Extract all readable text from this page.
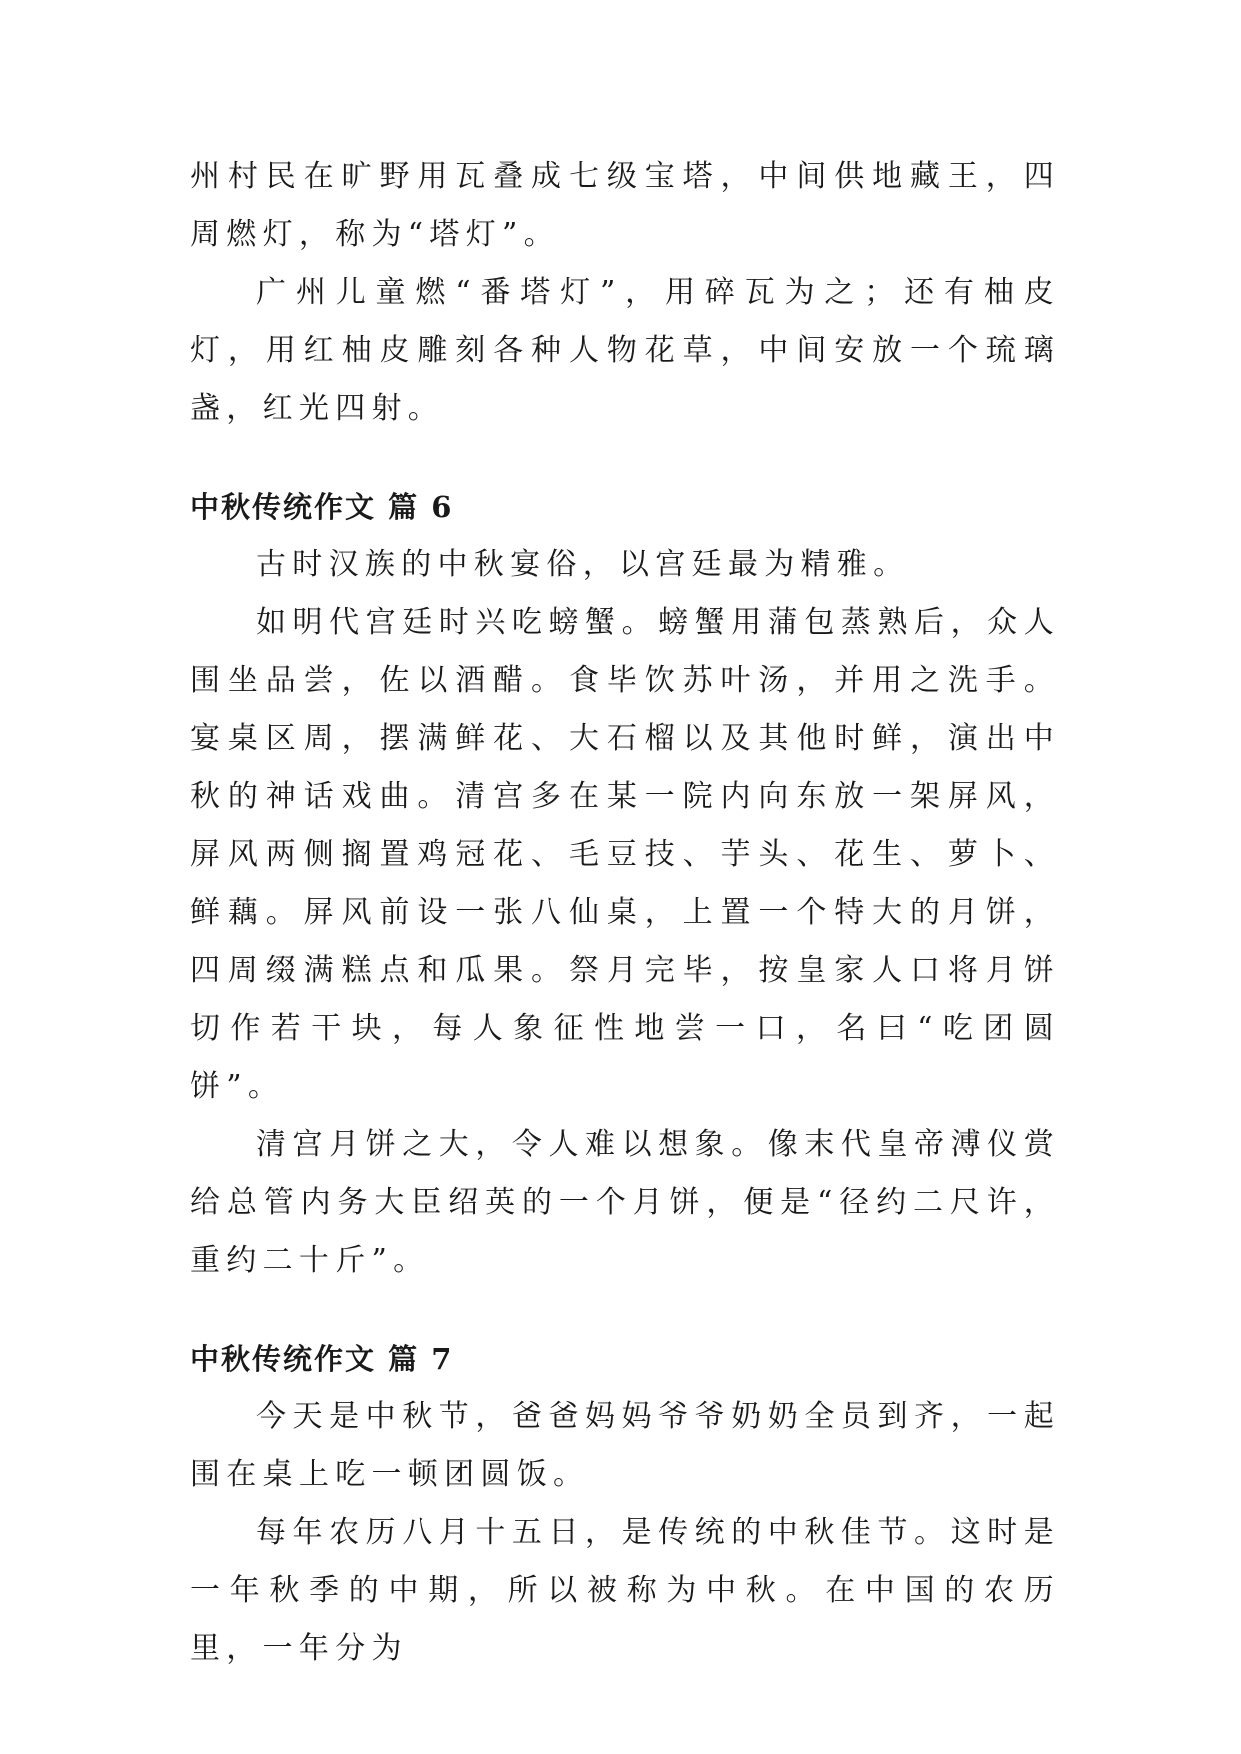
州村民在旷野用瓦叠成七级宝塔，中间供地藏王，四周燃灯，称为“塔灯”。

广州儿童燃“番塔灯”，用碎瓦为之；还有柚皮灯，用红柚皮雕刻各种人物花草，中间安放一个琉璃盏，红光四射。

中秋传统作文 篇 6

古时汉族的中秋宴俗，以宫廷最为精雅。

如明代宫廷时兴吃螃蟹。螃蟹用蒲包蒸熟后，众人围坐品尝，佐以酒醋。食毕饮苏叶汤，并用之洗手。宴桌区周，摆满鲜花、大石榴以及其他时鲜，演出中秋的神话戏曲。清宫多在某一院内向东放一架屏风，屏风两侧搁置鸡冠花、毛豆技、芋头、花生、萝卜、鲜藕。屏风前设一张八仙桌，上置一个特大的月饼，四周缀满糕点和瓜果。祭月完毕，按皇家人口将月饼切作若干块，每人象征性地尝一口，名曰“吃团圆饼”。

清宫月饼之大，令人难以想象。像末代皇帝溥仪赏给总管内务大臣绍英的一个月饼，便是“径约二尺许，重约二十斤”。

中秋传统作文 篇 7

今天是中秋节，爸爸妈妈爷爷奶奶全员到齐，一起围在桌上吃一顿团圆饭。

每年农历八月十五日，是传统的中秋佳节。这时是一年秋季的中期，所以被称为中秋。在中国的农历里，一年分为
